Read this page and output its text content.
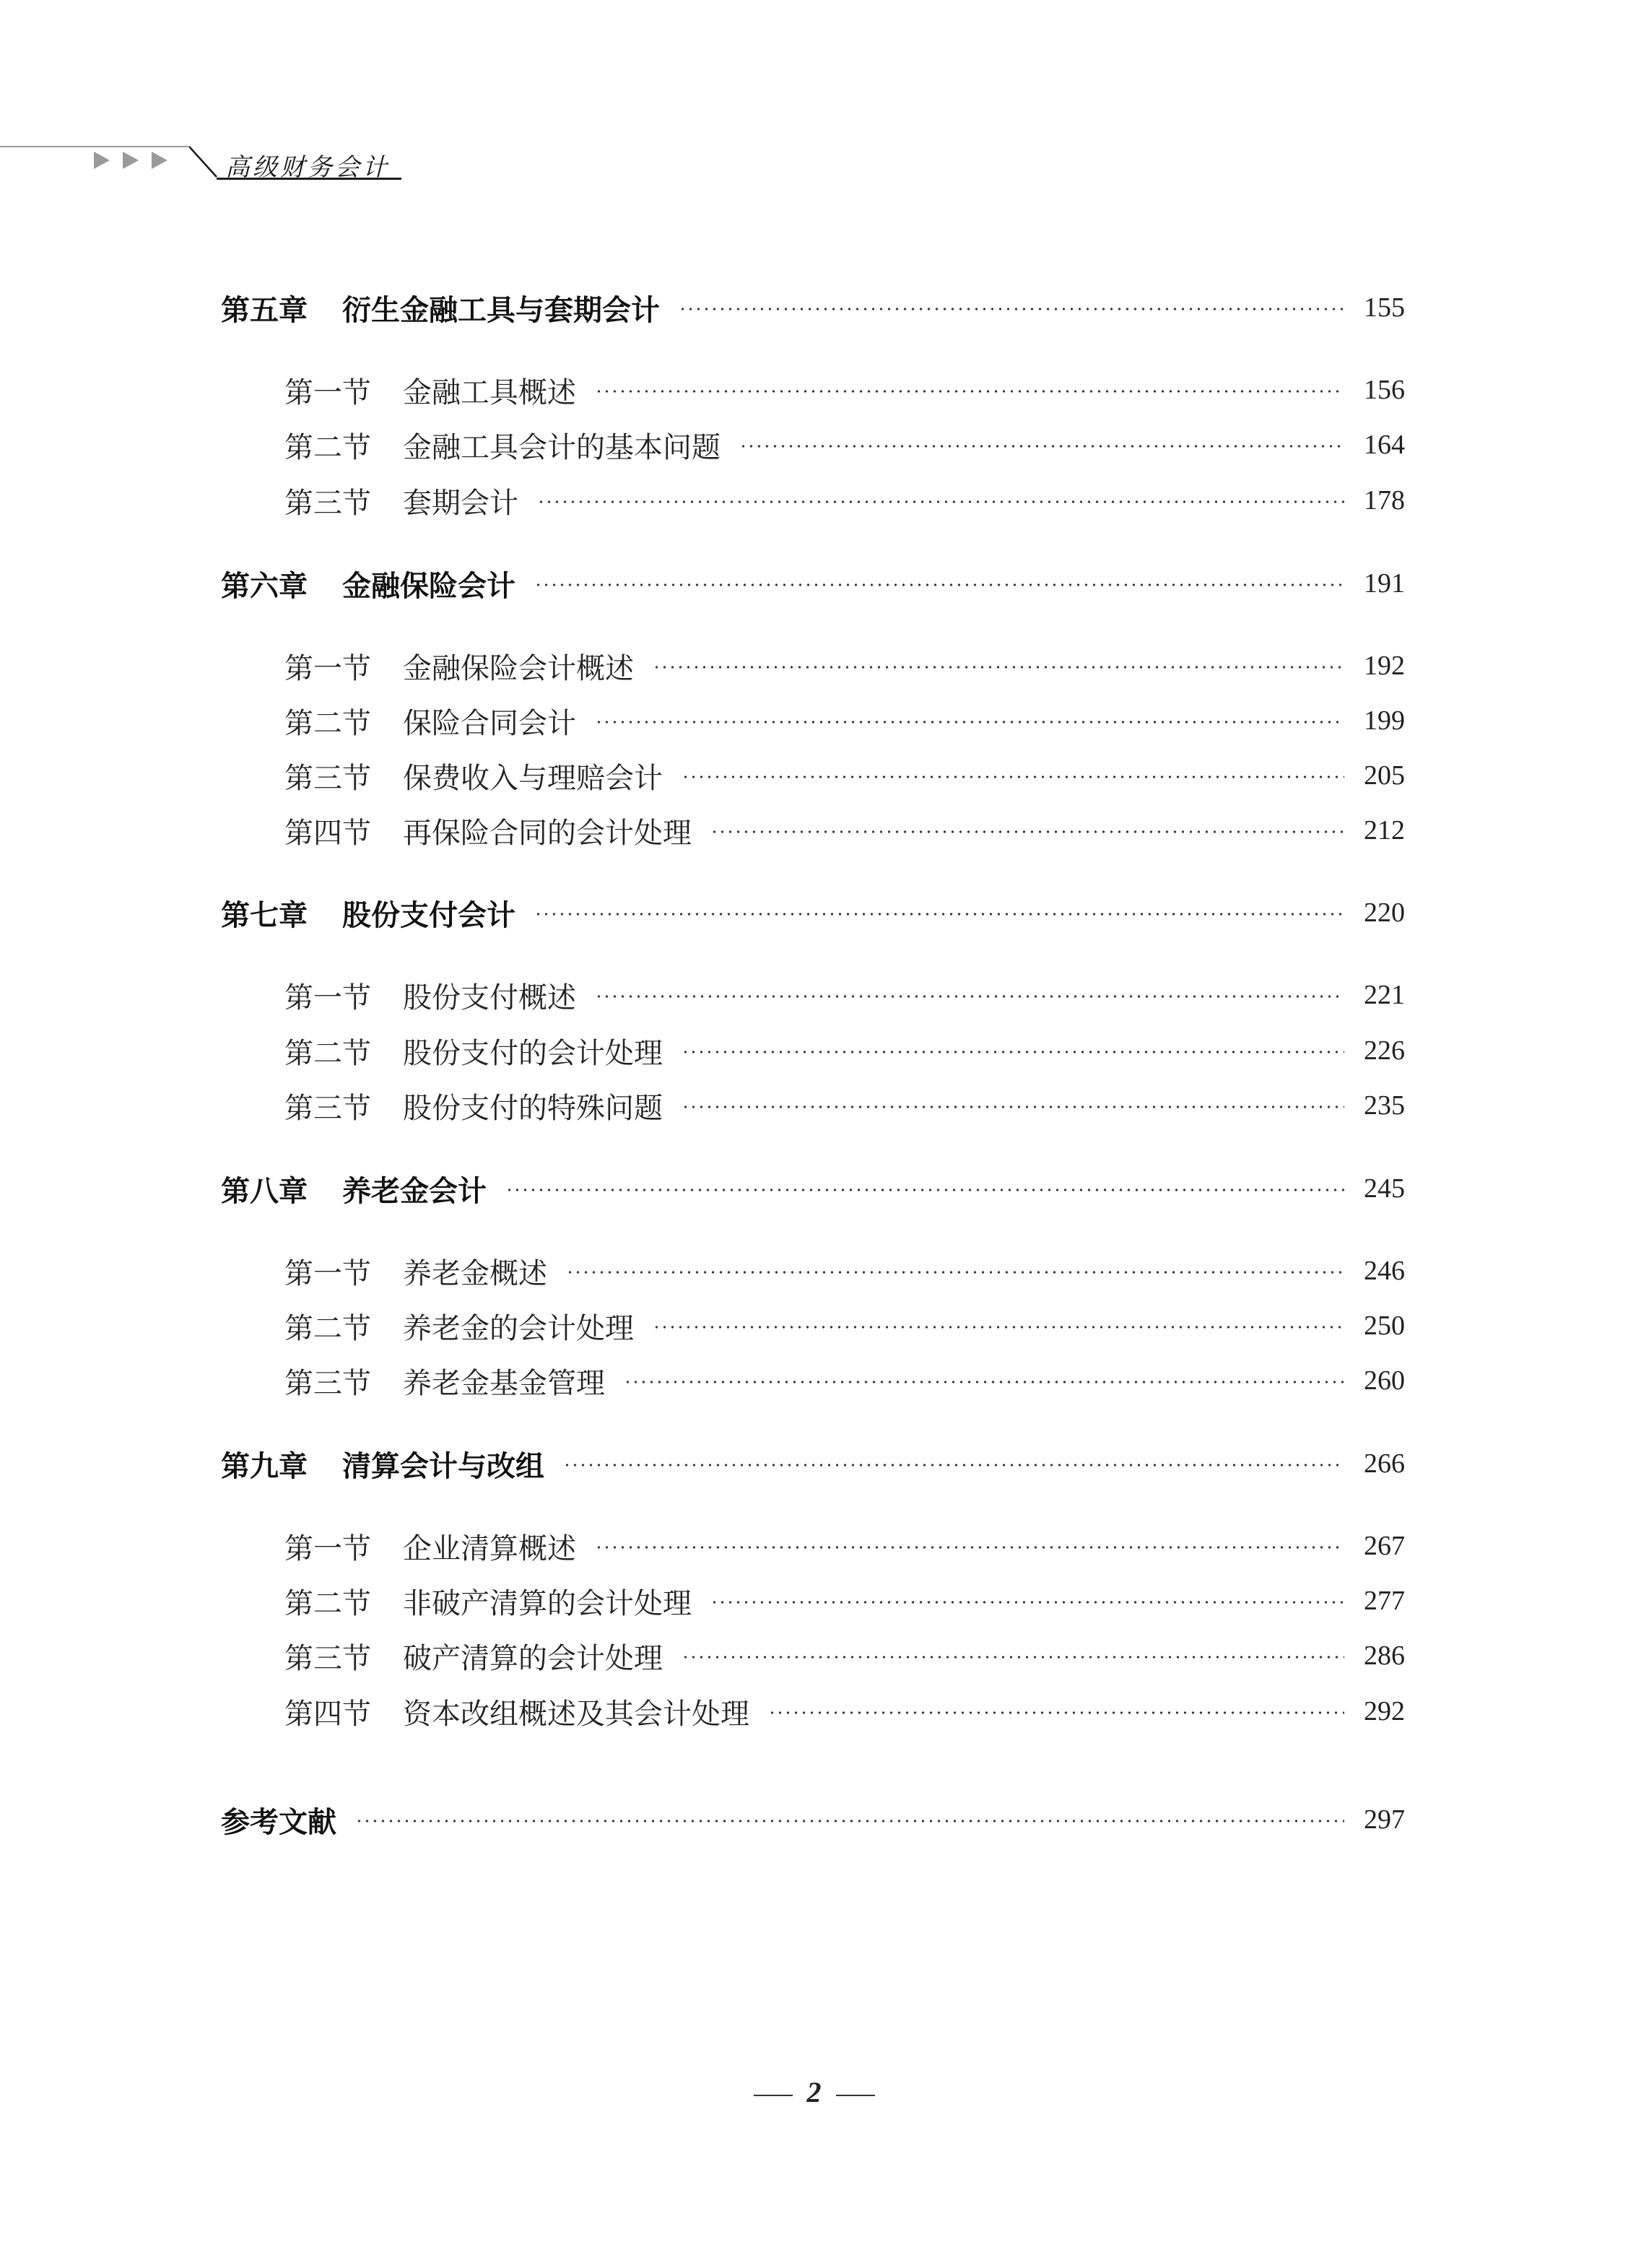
高级财务会计
第五章 衍生金融工具与套期会计	155
第一节 金融工具概述	156
第二节 金融工具会计的基本问题	164
第三节 套期会计	178
第六章 金融保险会计	191
第一节 金融保险会计概述	192
第二节 保险合同会计	199
第三节 保费收入与理赔会计	205
第四节 再保险合同的会计处理	212
第七章 股份支付会计	220
第一节 股份支付概述	221
第二节 股份支付的会计处理	226
第三节 股份支付的特殊问题	235
第八章 养老金会计	245
第一节 养老金概述	246
第二节 养老金的会计处理	250
第三节 养老金基金管理	260
第九章 清算会计与改组	266
第一节 企业清算概述	267
第二节 非破产清算的会计处理	277
第三节 破产清算的会计处理	286
第四节 资本改组概述及其会计处理	292
参考文献	297
2
